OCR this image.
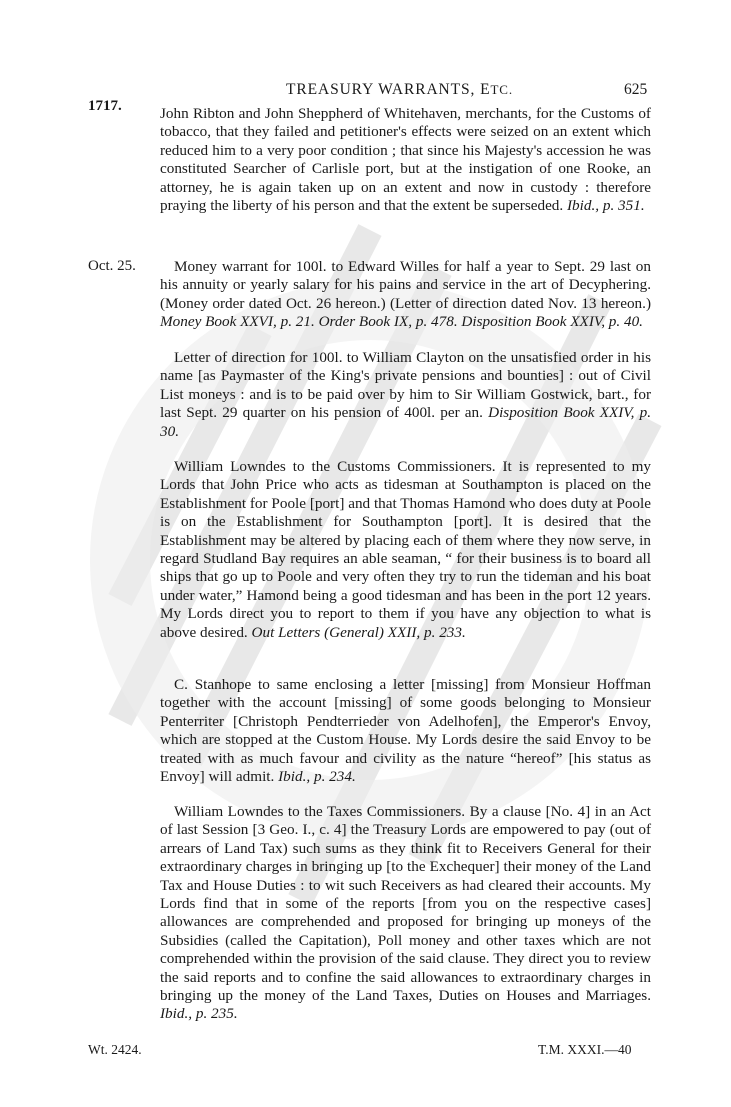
TREASURY WARRANTS, ETC.	625
1717.
Oct. 25.

John Ribton and John Sheppherd of Whitehaven, merchants, for the Customs of tobacco, that they failed and petitioner's effects were seized on an extent which reduced him to a very poor condition ; that since his Majesty's accession he was constituted Searcher of Carlisle port, but at the instigation of one Rooke, an attorney, he is again taken up on an extent and now in custody : therefore praying the liberty of his person and that the extent be superseded. Ibid., p. 351.

Money warrant for 100l. to Edward Willes for half a year to Sept. 29 last on his annuity or yearly salary for his pains and service in the art of Decyphering. (Money order dated Oct. 26 hereon.) (Letter of direction dated Nov. 13 hereon.) Money Book XXVI, p. 21. Order Book IX, p. 478. Disposition Book XXIV, p. 40.

Letter of direction for 100l. to William Clayton on the unsatisfied order in his name [as Paymaster of the King's private pensions and bounties] : out of Civil List moneys : and is to be paid over by him to Sir William Gostwick, bart., for last Sept. 29 quarter on his pension of 400l. per an. Disposition Book XXIV, p. 30.

William Lowndes to the Customs Commissioners. It is represented to my Lords that John Price who acts as tidesman at Southampton is placed on the Establishment for Poole [port] and that Thomas Hamond who does duty at Poole is on the Establishment for Southampton [port]. It is desired that the Establishment may be altered by placing each of them where they now serve, in regard Studland Bay requires an able seaman, “ for their business is to board all ships that go up to Poole and very often they try to run the tideman and his boat under water,” Hamond being a good tidesman and has been in the port 12 years. My Lords direct you to report to them if you have any objection to what is above desired. Out Letters (General) XXII, p. 233.

C. Stanhope to same enclosing a letter [missing] from Monsieur Hoffman together with the account [missing] of some goods belonging to Monsieur Penterriter [Christoph Pendterrieder von Adelhofen], the Emperor's Envoy, which are stopped at the Custom House. My Lords desire the said Envoy to be treated with as much favour and civility as the nature “hereof” [his status as Envoy] will admit. Ibid., p. 234.

William Lowndes to the Taxes Commissioners. By a clause [No. 4] in an Act of last Session [3 Geo. I., c. 4] the Treasury Lords are empowered to pay (out of arrears of Land Tax) such sums as they think fit to Receivers General for their extraordinary charges in bringing up [to the Exchequer] their money of the Land Tax and House Duties : to wit such Receivers as had cleared their accounts. My Lords find that in some of the reports [from you on the respective cases] allowances are comprehended and proposed for bringing up moneys of the Subsidies (called the Capitation), Poll money and other taxes which are not comprehended within the provision of the said clause. They direct you to review the said reports and to confine the said allowances to extraordinary charges in bringing up the money of the Land Taxes, Duties on Houses and Marriages. Ibid., p. 235.

Wt. 2424.	T.M. XXXI.—40
